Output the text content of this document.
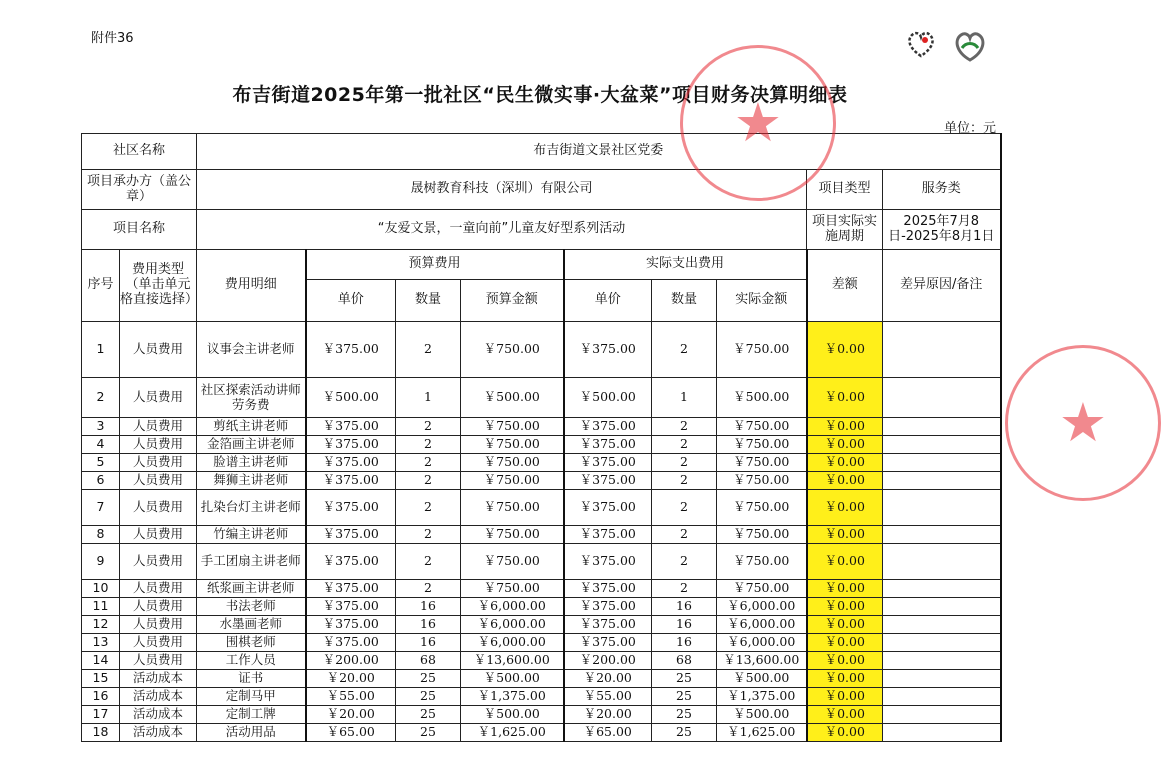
附件36
布吉街道2025年第一批社区“民生微实事·大盆菜”项目财务决算明细表
单位：元
社区名称		布吉街道文景社区党委								
项目承办方（盖公章）		晟树教育科技（深圳）有限公司							项目类型	服务类
项目名称		“友爱文景，一童向前”儿童友好型系列活动							项目实际实施周期	2025年7月8日-2025年8月1日
序号	费用类型（单击单元格直接选择）	费用明细	预算费用			实际支出费用			差额	差异原因/备注
			单价	数量	预算金额	单价	数量	实际金额		
1	人员费用	议事会主讲老师	￥375.00	2	￥750.00	￥375.00	2	￥750.00	￥0.00	
2	人员费用	社区探索活动讲师劳务费	￥500.00	1	￥500.00	￥500.00	1	￥500.00	￥0.00	
3	人员费用	剪纸主讲老师	￥375.00	2	￥750.00	￥375.00	2	￥750.00	￥0.00	
4	人员费用	金箔画主讲老师	￥375.00	2	￥750.00	￥375.00	2	￥750.00	￥0.00	
5	人员费用	脸谱主讲老师	￥375.00	2	￥750.00	￥375.00	2	￥750.00	￥0.00	
6	人员费用	舞狮主讲老师	￥375.00	2	￥750.00	￥375.00	2	￥750.00	￥0.00	
7	人员费用	扎染台灯主讲老师	￥375.00	2	￥750.00	￥375.00	2	￥750.00	￥0.00	
8	人员费用	竹编主讲老师	￥375.00	2	￥750.00	￥375.00	2	￥750.00	￥0.00	
9	人员费用	手工团扇主讲老师	￥375.00	2	￥750.00	￥375.00	2	￥750.00	￥0.00	
10	人员费用	纸浆画主讲老师	￥375.00	2	￥750.00	￥375.00	2	￥750.00	￥0.00	
11	人员费用	书法老师	￥375.00	16	￥6,000.00	￥375.00	16	￥6,000.00	￥0.00	
12	人员费用	水墨画老师	￥375.00	16	￥6,000.00	￥375.00	16	￥6,000.00	￥0.00	
13	人员费用	围棋老师	￥375.00	16	￥6,000.00	￥375.00	16	￥6,000.00	￥0.00	
14	人员费用	工作人员	￥200.00	68	￥13,600.00	￥200.00	68	￥13,600.00	￥0.00	
15	活动成本	证书	￥20.00	25	￥500.00	￥20.00	25	￥500.00	￥0.00	
16	活动成本	定制马甲	￥55.00	25	￥1,375.00	￥55.00	25	￥1,375.00	￥0.00	
17	活动成本	定制工牌	￥20.00	25	￥500.00	￥20.00	25	￥500.00	￥0.00	
18	活动成本	活动用品	￥65.00	25	￥1,625.00	￥65.00	25	￥1,625.00	￥0.00	
★
★
